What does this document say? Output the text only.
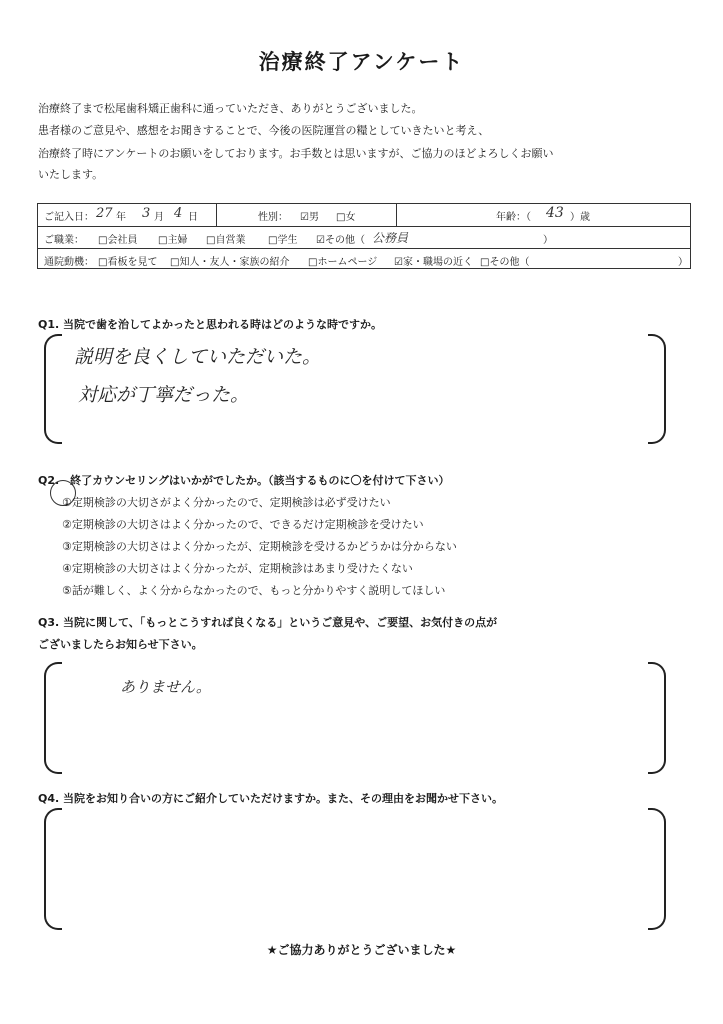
治療終了アンケート
治療終了まで松尾歯科矯正歯科に通っていただき、ありがとうございました。
患者様のご意見や、感想をお聞きすることで、今後の医院運営の糧としていきたいと考え、
治療終了時にアンケートのお願いをしております。お手数とは思いますが、ご協力のほどよろしくお願い
いたします。
ご記入日： 27 年 3 月 4 日	性別： ☑男 □女	年齢：（ 43 ）歳
ご職業： □会社員 □主婦 □自営業 □学生 ☑その他（ 公務員	）
通院動機： □看板を見て □知人・友人・家族の紹介 □ホームページ ☑家・職場の近く □その他（	）
Q1. 当院で歯を治してよかったと思われる時はどのような時ですか。
説明を良くしていただいた。
対応が丁寧だった。
Q2.　終了カウンセリングはいかがでしたか。（該当するものに〇を付けて下さい）
①定期検診の大切さがよく分かったので、定期検診は必ず受けたい
②定期検診の大切さはよく分かったので、できるだけ定期検診を受けたい
③定期検診の大切さはよく分かったが、定期検診を受けるかどうかは分からない
④定期検診の大切さはよく分かったが、定期検診はあまり受けたくない
⑤話が難しく、よく分からなかったので、もっと分かりやすく説明してほしい
Q3. 当院に関して、「もっとこうすれば良くなる」というご意見や、ご要望、お気付きの点が
ございましたらお知らせ下さい。
ありません。
Q4. 当院をお知り合いの方にご紹介していただけますか。また、その理由をお聞かせ下さい。
★ご協力ありがとうございました★
